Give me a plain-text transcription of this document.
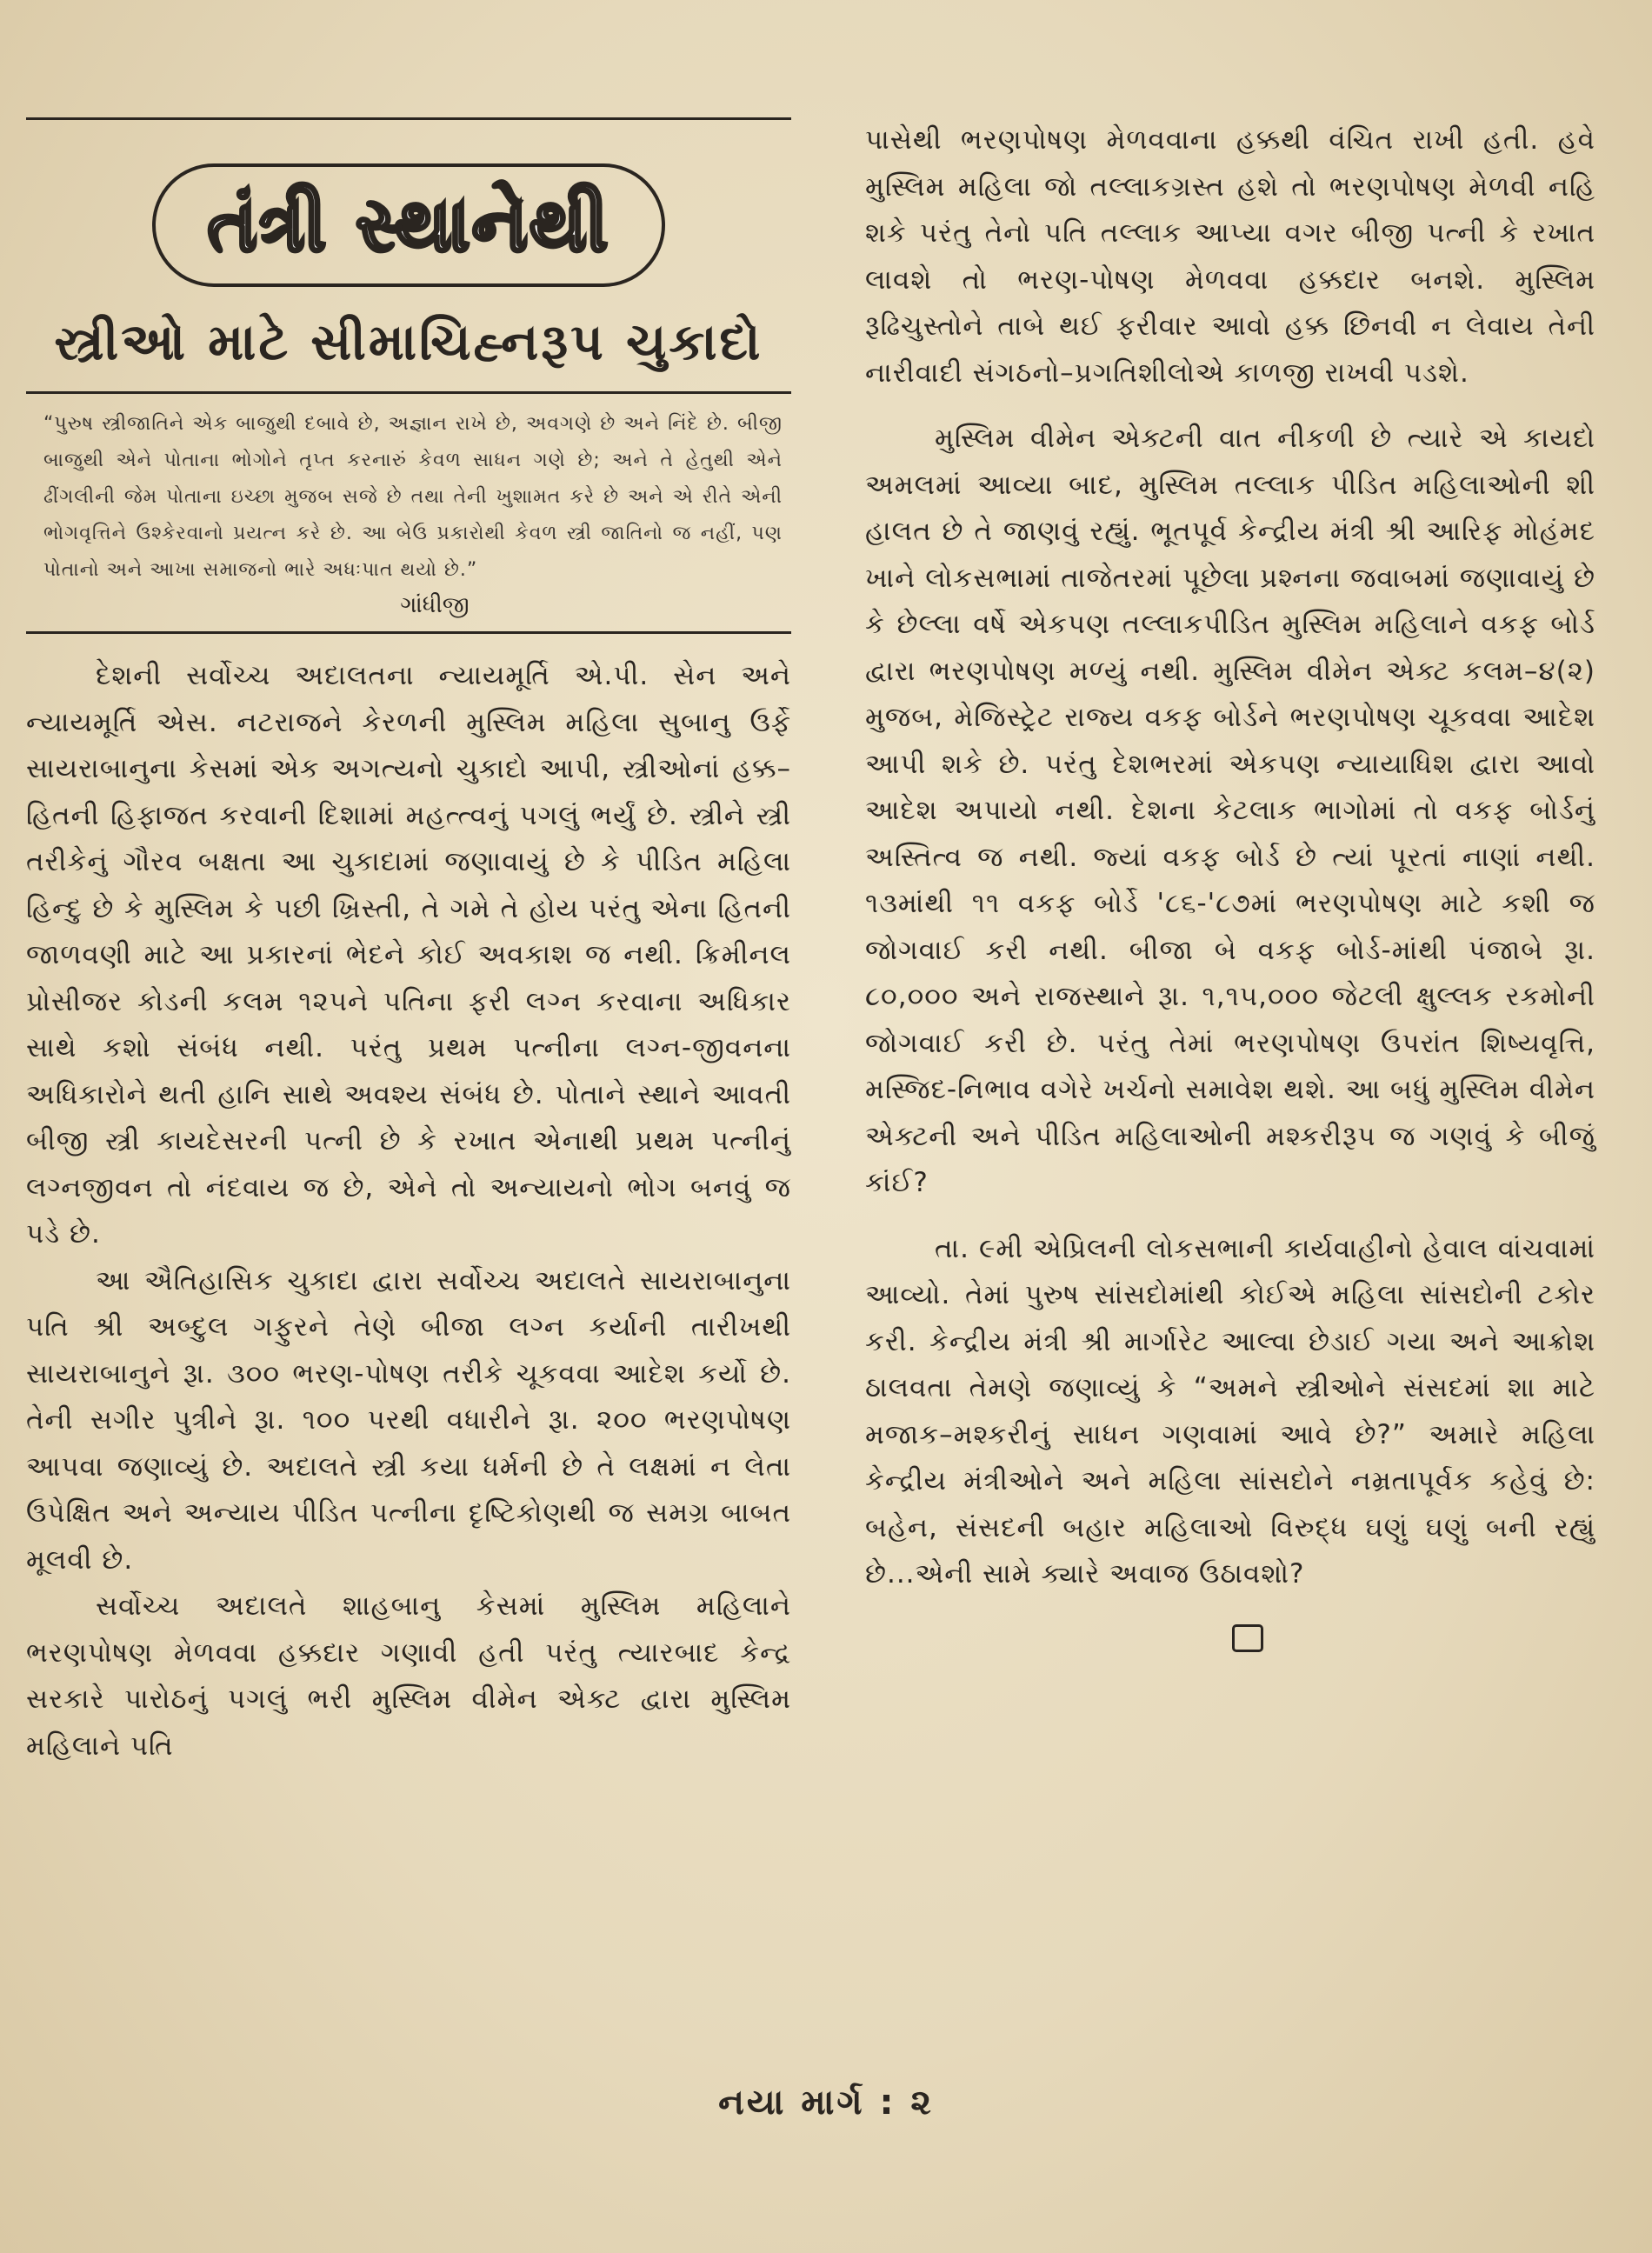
તંત્રી સ્થાનેથી
સ્ત્રીઓ માટે સીમાચિહ્નરૂપ ચુકાદો
“પુરુષ સ્ત્રીજાતિને એક બાજુથી દબાવે છે, અજ્ઞાન રાખે છે, અવગણે છે અને નિંદે છે. બીજી બાજુથી એને પોતાના ભોગોને તૃપ્ત કરનારું કેવળ સાધન ગણે છે; અને તે હેતુથી એને ઢીંગલીની જેમ પોતાના ઇચ્છા મુજબ સજે છે તથા તેની ખુશામત કરે છે અને એ રીતે એની ભોગવૃત્તિને ઉશ્કેરવાનો પ્રયત્ન કરે છે. આ બેઉ પ્રકારોથી કેવળ સ્ત્રી જાતિનો જ નહીં, પણ પોતાનો અને આખા સમાજનો ભારે અધઃપાત થયો છે.”
ગાંધીજી

દેશની સર્વોચ્ચ અદાલતના ન્યાયમૂર્તિ એ.પી. સેન અને ન્યાયમૂર્તિ એસ. નટરાજને કેરળની મુસ્લિમ મહિલા સુબાનુ ઉર્ફે સાયરાબાનુના કેસમાં એક અગત્યનો ચુકાદો આપી, સ્ત્રીઓનાં હક્ક–હિતની હિફાજત કરવાની દિશામાં મહત્ત્વનું પગલું ભર્યું છે. સ્ત્રીને સ્ત્રી તરીકેનું ગૌરવ બક્ષતા આ ચુકાદામાં જણાવાયું છે કે પીડિત મહિલા હિન્દુ છે કે મુસ્લિમ કે પછી ખ્રિસ્તી, તે ગમે તે હોય પરંતુ એના હિતની જાળવણી માટે આ પ્રકારનાં ભેદને કોઈ અવકાશ જ નથી. ક્રિમીનલ પ્રોસીજર કોડની કલમ ૧૨૫ને પતિના ફરી લગ્ન કરવાના અધિકાર સાથે કશો સંબંધ નથી. પરંતુ પ્રથમ પત્નીના લગ્ન-જીવનના અધિકારોને થતી હાનિ સાથે અવશ્ય સંબંધ છે. પોતાને સ્થાને આવતી બીજી સ્ત્રી કાયદેસરની પત્ની છે કે રખાત એનાથી પ્રથમ પત્નીનું લગ્નજીવન તો નંદવાય જ છે, એને તો અન્યાયનો ભોગ બનવું જ પડે છે.

આ ઐતિહાસિક ચુકાદા દ્વારા સર્વોચ્ચ અદાલતે સાયરાબાનુના પતિ શ્રી અબ્દુલ ગફુરને તેણે બીજા લગ્ન કર્યાની તારીખથી સાયરાબાનુને રૂા. ૩૦૦ ભરણ-પોષણ તરીકે ચૂકવવા આદેશ કર્યો છે. તેની સગીર પુત્રીને રૂા. ૧૦૦ પરથી વધારીને રૂા. ૨૦૦ ભરણપોષણ આપવા જણાવ્યું છે. અદાલતે સ્ત્રી કયા ધર્મની છે તે લક્ષમાં ન લેતા ઉપેક્ષિત અને અન્યાય પીડિત પત્નીના દૃષ્ટિકોણથી જ સમગ્ર બાબત મૂલવી છે.

સર્વોચ્ચ અદાલતે શાહબાનુ કેસમાં મુસ્લિમ મહિલાને ભરણપોષણ મેળવવા હક્કદાર ગણાવી હતી પરંતુ ત્યારબાદ કેન્દ્ર સરકારે પારોઠનું પગલું ભરી મુસ્લિમ વીમેન એક્ટ દ્વારા મુસ્લિમ મહિલાને પતિ

પાસેથી ભરણપોષણ મેળવવાના હક્કથી વંચિત રાખી હતી. હવે મુસ્લિમ મહિલા જો તલ્લાકગ્રસ્ત હશે તો ભરણપોષણ મેળવી નહિ શકે પરંતુ તેનો પતિ તલ્લાક આપ્યા વગર બીજી પત્ની કે રખાત લાવશે તો ભરણ-પોષણ મેળવવા હક્કદાર બનશે. મુસ્લિમ રૂઢિચુસ્તોને તાબે થઈ ફરીવાર આવો હક્ક છિનવી ન લેવાય તેની નારીવાદી સંગઠનો–પ્રગતિશીલોએ કાળજી રાખવી પડશે.

મુસ્લિમ વીમેન એક્ટની વાત નીકળી છે ત્યારે એ કાયદો અમલમાં આવ્યા બાદ, મુસ્લિમ તલ્લાક પીડિત મહિલાઓની શી હાલત છે તે જાણવું રહ્યું. ભૂતપૂર્વ કેન્દ્રીય મંત્રી શ્રી આરિફ મોહંમદ ખાને લોકસભામાં તાજેતરમાં પૂછેલા પ્રશ્નના જવાબમાં જણાવાયું છે કે છેલ્લા વર્ષે એકપણ તલ્લાકપીડિત મુસ્લિમ મહિલાને વકફ બોર્ડ દ્વારા ભરણપોષણ મળ્યું નથી. મુસ્લિમ વીમેન એક્ટ કલમ–૪(૨) મુજબ, મેજિસ્ટ્રેટ રાજ્ય વકફ બોર્ડને ભરણપોષણ ચૂકવવા આદેશ આપી શકે છે. પરંતુ દેશભરમાં એકપણ ન્યાયાધિશ દ્વારા આવો આદેશ અપાયો નથી. દેશના કેટલાક ભાગોમાં તો વકફ બોર્ડનું અસ્તિત્વ જ નથી. જ્યાં વકફ બોર્ડ છે ત્યાં પૂરતાં નાણાં નથી. ૧૩માંથી ૧૧ વકફ બોર્ડે '૮૬-'૮૭માં ભરણપોષણ માટે કશી જ જોગવાઈ કરી નથી. બીજા બે વકફ બોર્ડ-માંથી પંજાબે રૂા. ૮૦,૦૦૦ અને રાજસ્થાને રૂા. ૧,૧૫,૦૦૦ જેટલી ક્ષુલ્લક રકમોની જોગવાઈ કરી છે. પરંતુ તેમાં ભરણપોષણ ઉપરાંત શિષ્યવૃત્તિ, મસ્જિદ-નિભાવ વગેરે ખર્ચનો સમાવેશ થશે. આ બધું મુસ્લિમ વીમેન એક્ટની અને પીડિત મહિલાઓની મશ્કરીરૂપ જ ગણવું કે બીજું કાંઈ?

તા. ૯મી એપ્રિલની લોકસભાની કાર્યવાહીનો હેવાલ વાંચવામાં આવ્યો. તેમાં પુરુષ સાંસદોમાંથી કોઈએ મહિલા સાંસદોની ટકોર કરી. કેન્દ્રીય મંત્રી શ્રી માર્ગારેટ આલ્વા છેડાઈ ગયા અને આક્રોશ ઠાલવતા તેમણે જણાવ્યું કે “અમને સ્ત્રીઓને સંસદમાં શા માટે મજાક–મશ્કરીનું સાધન ગણવામાં આવે છે?” અમારે મહિલા કેન્દ્રીય મંત્રીઓને અને મહિલા સાંસદોને નમ્રતાપૂર્વક કહેવું છે: બહેન, સંસદની બહાર મહિલાઓ વિરુદ્ધ ઘણું ઘણું બની રહ્યું છે...એની સામે ક્યારે અવાજ ઉઠાવશો?

નયા માર્ગ : ૨
